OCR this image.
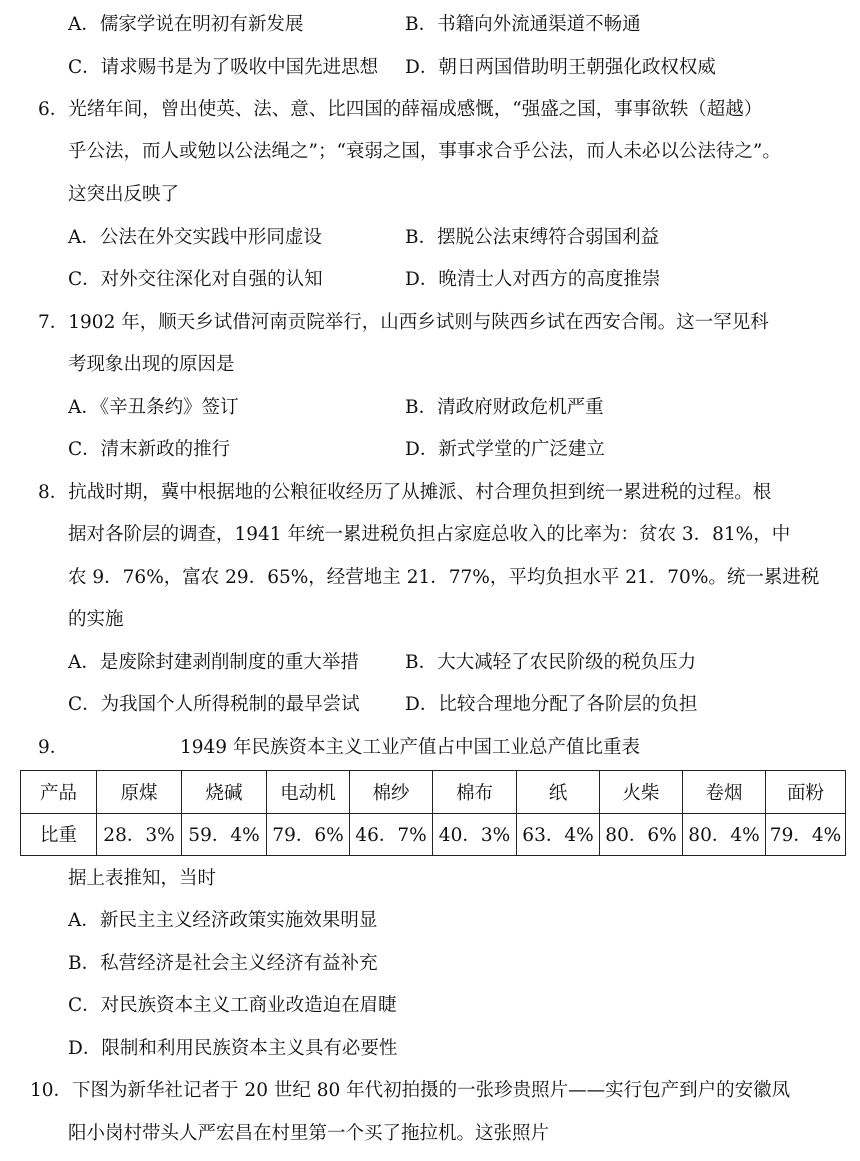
A．儒家学说在明初有新发展	B．书籍向外流通渠道不畅通
C．请求赐书是为了吸收中国先进思想 D．朝日两国借助明王朝强化政权权威
6．光绪年间，曾出使英、法、意、比四国的薛福成感慨，“强盛之国，事事欲轶（超越）
乎公法，而人或勉以公法绳之”；“衰弱之国，事事求合乎公法，而人未必以公法待之”。
这突出反映了
A．公法在外交实践中形同虚设	B．摆脱公法束缚符合弱国利益
C．对外交往深化对自强的认知	D．晚清士人对西方的高度推崇
7．1902 年，顺天乡试借河南贡院举行，山西乡试则与陕西乡试在西安合闱。这一罕见科
考现象出现的原因是
A．《辛丑条约》签订	B．清政府财政危机严重
C．清末新政的推行	D．新式学堂的广泛建立
8．抗战时期，冀中根据地的公粮征收经历了从摊派、村合理负担到统一累进税的过程。根
据对各阶层的调查，1941 年统一累进税负担占家庭总收入的比率为：贫农 3．81%，中
农 9．76%，富农 29．65%，经营地主 21．77%，平均负担水平 21．70%。统一累进税
的实施
A．是废除封建剥削制度的重大举措 B．大大减轻了农民阶级的税负压力
C．为我国个人所得税制的最早尝试 D．比较合理地分配了各阶层的负担
9．	1949 年民族资本主义工业产值占中国工业总产值比重表
产品	原煤	烧碱	电动机	棉纱	棉布	纸	火柴	卷烟	面粉
比重	28．3%	59．4%	79．6%	46．7%	40．3%	63．4%	80．6%	80．4%	79．4%
据上表推知，当时
A．新民主主义经济政策实施效果明显
B．私营经济是社会主义经济有益补充
C．对民族资本主义工商业改造迫在眉睫
D．限制和利用民族资本主义具有必要性
10．下图为新华社记者于 20 世纪 80 年代初拍摄的一张珍贵照片——实行包产到户的安徽凤
阳小岗村带头人严宏昌在村里第一个买了拖拉机。这张照片
